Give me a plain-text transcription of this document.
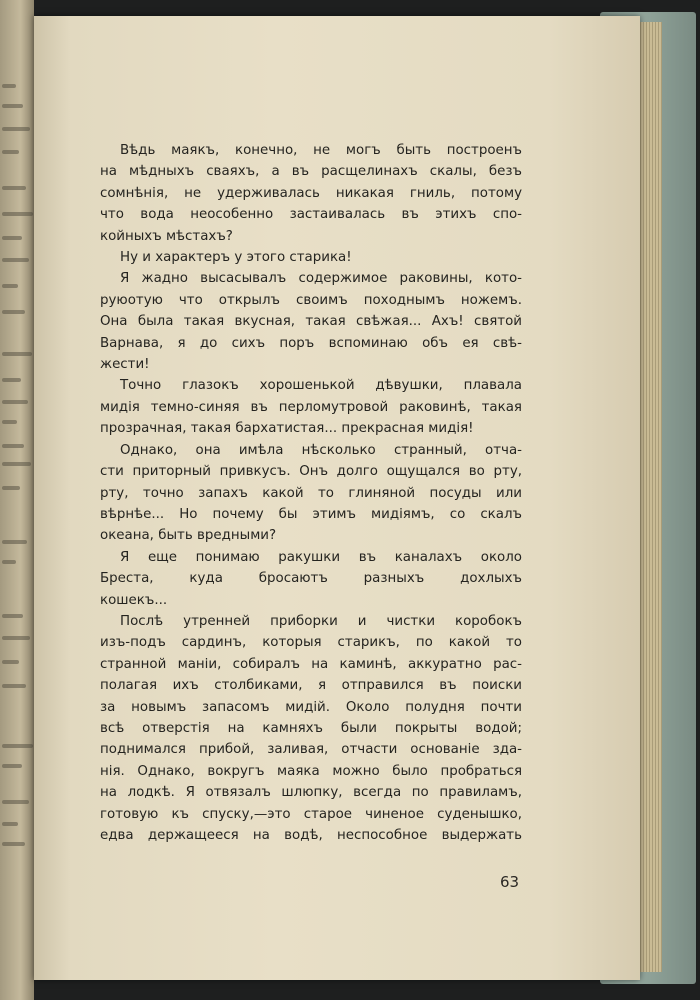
Вѣдь маякъ, конечно, не могъ быть построенъ
на мѣдныхъ сваяхъ, а въ расщелинахъ скалы, безъ
сомнѣнія, не удерживалась никакая гниль, потому
что вода неособенно застаивалась въ этихъ спо-
койныхъ мѣстахъ?
Ну и характеръ у этого старика!
Я жадно высасывалъ содержимое раковины, кото-
руюотую что открылъ своимъ походнымъ ножемъ.
Она была такая вкусная, такая свѣжая... Ахъ! святой
Варнава, я до сихъ поръ вспоминаю объ ея свѣ-
жести!
Точно глазокъ хорошенькой дѣвушки, плавала
мидія темно-синяя въ перломутровой раковинѣ, такая
прозрачная, такая бархатистая... прекрасная мидія!
Однако, она имѣла нѣсколько странный, отча-
сти приторный привкусъ. Онъ долго ощущался во рту,
рту, точно запахъ какой то глиняной посуды или
вѣрнѣе... Но почему бы этимъ мидіямъ, со скалъ
океана, быть вредными?
Я еще понимаю ракушки въ каналахъ около
Бреста, куда бросаютъ разныхъ дохлыхъ
кошекъ...
Послѣ утренней приборки и чистки коробокъ
изъ-подъ сардинъ, которыя старикъ, по какой то
странной маніи, собиралъ на каминѣ, аккуратно рас-
полагая ихъ столбиками, я отправился въ поиски
за новымъ запасомъ мидій. Около полудня почти
всѣ отверстія на камняхъ были покрыты водой;
поднимался прибой, заливая, отчасти основаніе зда-
нія. Однако, вокругъ маяка можно было пробраться
на лодкѣ. Я отвязалъ шлюпку, всегда по правиламъ,
готовую къ спуску,—это старое чиненое суденышко,
едва держащееся на водѣ, неспособное выдержать
63
